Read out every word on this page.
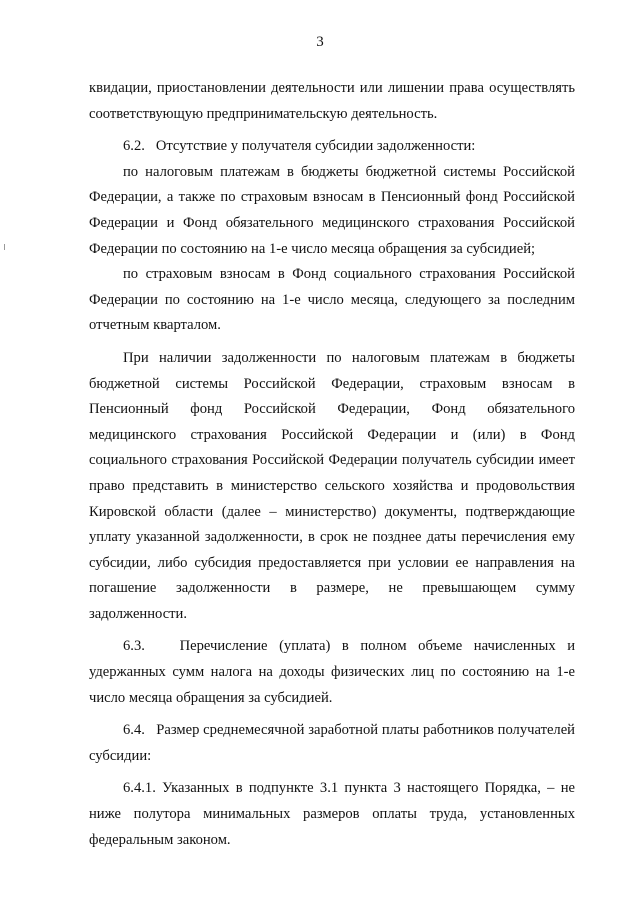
3

квидации, приостановлении деятельности или лишении права осуществлять соответствующую предпринимательскую деятельность.

6.2.   Отсутствие у получателя субсидии задолженности:

по налоговым платежам в бюджеты бюджетной системы Российской Федерации, а также по страховым взносам в Пенсионный фонд Российской Федерации и Фонд обязательного медицинского страхования Российской Федерации по состоянию на 1-е число месяца обращения за субсидией;

по страховым взносам в Фонд социального страхования Российской Федерации по состоянию на 1-е число месяца, следующего за последним отчетным кварталом.

При наличии задолженности по налоговым платежам в бюджеты бюджетной системы Российской Федерации, страховым взносам в Пенсионный фонд Российской Федерации, Фонд обязательного медицинского страхования Российской Федерации и (или) в Фонд социального страхования Российской Федерации получатель субсидии имеет право представить в министерство сельского хозяйства и продовольствия Кировской области (далее – министерство) документы, подтверждающие уплату указанной задолженности, в срок не позднее даты перечисления ему субсидии, либо субсидия предоставляется при условии ее направления на погашение задолженности в размере, не превышающем сумму задолженности.

6.3.   Перечисление (уплата) в полном объеме начисленных и удержанных сумм налога на доходы физических лиц по состоянию на 1-е число месяца обращения за субсидией.

6.4.   Размер среднемесячной заработной платы работников получателей субсидии:

6.4.1. Указанных в подпункте 3.1 пункта 3 настоящего Порядка, – не ниже полутора минимальных размеров оплаты труда, установленных федеральным законом.
